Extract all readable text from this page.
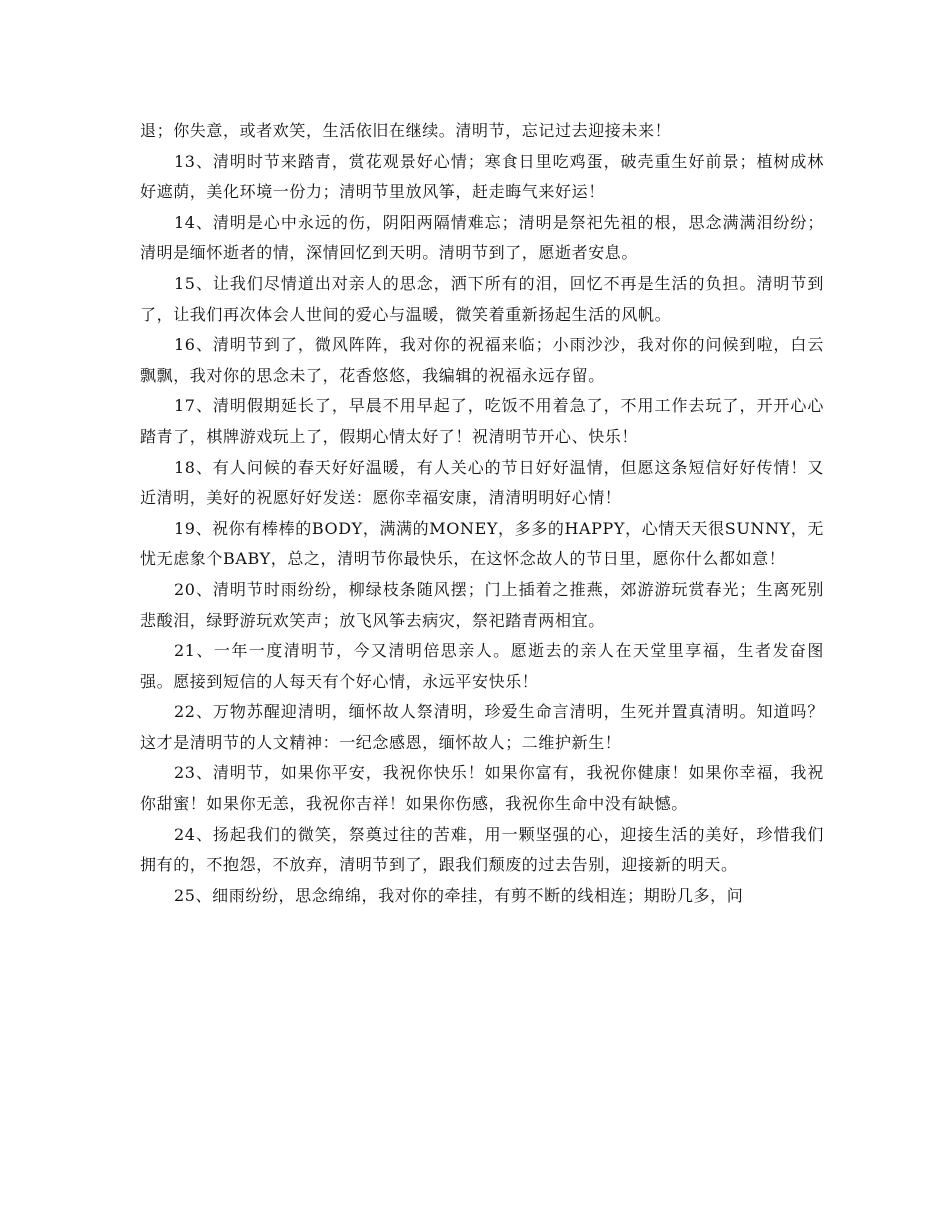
退；你失意，或者欢笑，生活依旧在继续。清明节，忘记过去迎接未来！

13、清明时节来踏青，赏花观景好心情；寒食日里吃鸡蛋，破壳重生好前景；植树成林好遮荫，美化环境一份力；清明节里放风筝，赶走晦气来好运！

14、清明是心中永远的伤，阴阳两隔情难忘；清明是祭祀先祖的根，思念满满泪纷纷；清明是缅怀逝者的情，深情回忆到天明。清明节到了，愿逝者安息。

15、让我们尽情道出对亲人的思念，洒下所有的泪，回忆不再是生活的负担。清明节到了，让我们再次体会人世间的爱心与温暖，微笑着重新扬起生活的风帆。

16、清明节到了，微风阵阵，我对你的祝福来临；小雨沙沙，我对你的问候到啦，白云飘飘，我对你的思念未了，花香悠悠，我编辑的祝福永远存留。

17、清明假期延长了，早晨不用早起了，吃饭不用着急了，不用工作去玩了，开开心心踏青了，棋牌游戏玩上了，假期心情太好了！祝清明节开心、快乐！

18、有人问候的春天好好温暖，有人关心的节日好好温情，但愿这条短信好好传情！又近清明，美好的祝愿好好发送：愿你幸福安康，清清明明好心情！

19、祝你有棒棒的BODY，满满的MONEY，多多的HAPPY，心情天天很SUNNY，无忧无虑象个BABY，总之，清明节你最快乐，在这怀念故人的节日里，愿你什么都如意！

20、清明节时雨纷纷，柳绿枝条随风摆；门上插着之推燕，郊游游玩赏春光；生离死别悲酸泪，绿野游玩欢笑声；放飞风筝去病灾，祭祀踏青两相宜。

21、一年一度清明节，今又清明倍思亲人。愿逝去的亲人在天堂里享福，生者发奋图强。愿接到短信的人每天有个好心情，永远平安快乐！

22、万物苏醒迎清明，缅怀故人祭清明，珍爱生命言清明，生死并置真清明。知道吗？这才是清明节的人文精神：一纪念感恩，缅怀故人；二维护新生！

23、清明节，如果你平安，我祝你快乐！如果你富有，我祝你健康！如果你幸福，我祝你甜蜜！如果你无恙，我祝你吉祥！如果你伤感，我祝你生命中没有缺憾。

24、扬起我们的微笑，祭奠过往的苦难，用一颗坚强的心，迎接生活的美好，珍惜我们拥有的，不抱怨，不放弃，清明节到了，跟我们颓废的过去告别，迎接新的明天。

25、细雨纷纷，思念绵绵，我对你的牵挂，有剪不断的线相连；期盼几多，问
